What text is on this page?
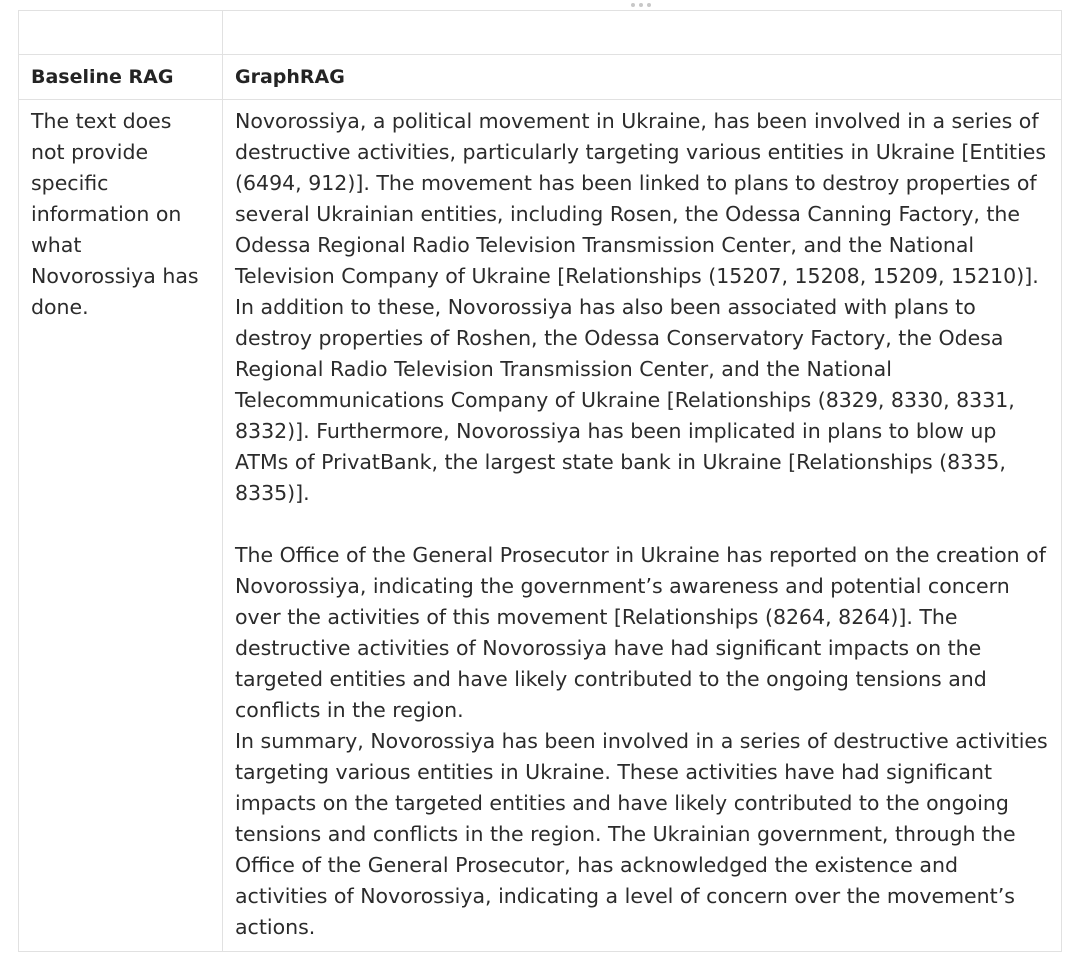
Baseline RAG	GraphRAG

The text does not provide specific information on what Novorossiya has done.	Novorossiya, a political movement in Ukraine, has been involved in a series of destructive activities, particularly targeting various entities in Ukraine [Entities (6494, 912)]. The movement has been linked to plans to destroy properties of several Ukrainian entities, including Rosen, the Odessa Canning Factory, the Odessa Regional Radio Television Transmission Center, and the National Television Company of Ukraine [Relationships (15207, 15208, 15209, 15210)]. In addition to these, Novorossiya has also been associated with plans to destroy properties of Roshen, the Odessa Conservatory Factory, the Odesa Regional Radio Television Transmission Center, and the National Telecommunications Company of Ukraine [Relationships (8329, 8330, 8331, 8332)]. Furthermore, Novorossiya has been implicated in plans to blow up ATMs of PrivatBank, the largest state bank in Ukraine [Relationships (8335, 8335)].

The Office of the General Prosecutor in Ukraine has reported on the creation of Novorossiya, indicating the government’s awareness and potential concern over the activities of this movement [Relationships (8264, 8264)]. The destructive activities of Novorossiya have had significant impacts on the targeted entities and have likely contributed to the ongoing tensions and conflicts in the region.

In summary, Novorossiya has been involved in a series of destructive activities targeting various entities in Ukraine. These activities have had significant impacts on the targeted entities and have likely contributed to the ongoing tensions and conflicts in the region. The Ukrainian government, through the Office of the General Prosecutor, has acknowledged the existence and activities of Novorossiya, indicating a level of concern over the movement’s actions.
